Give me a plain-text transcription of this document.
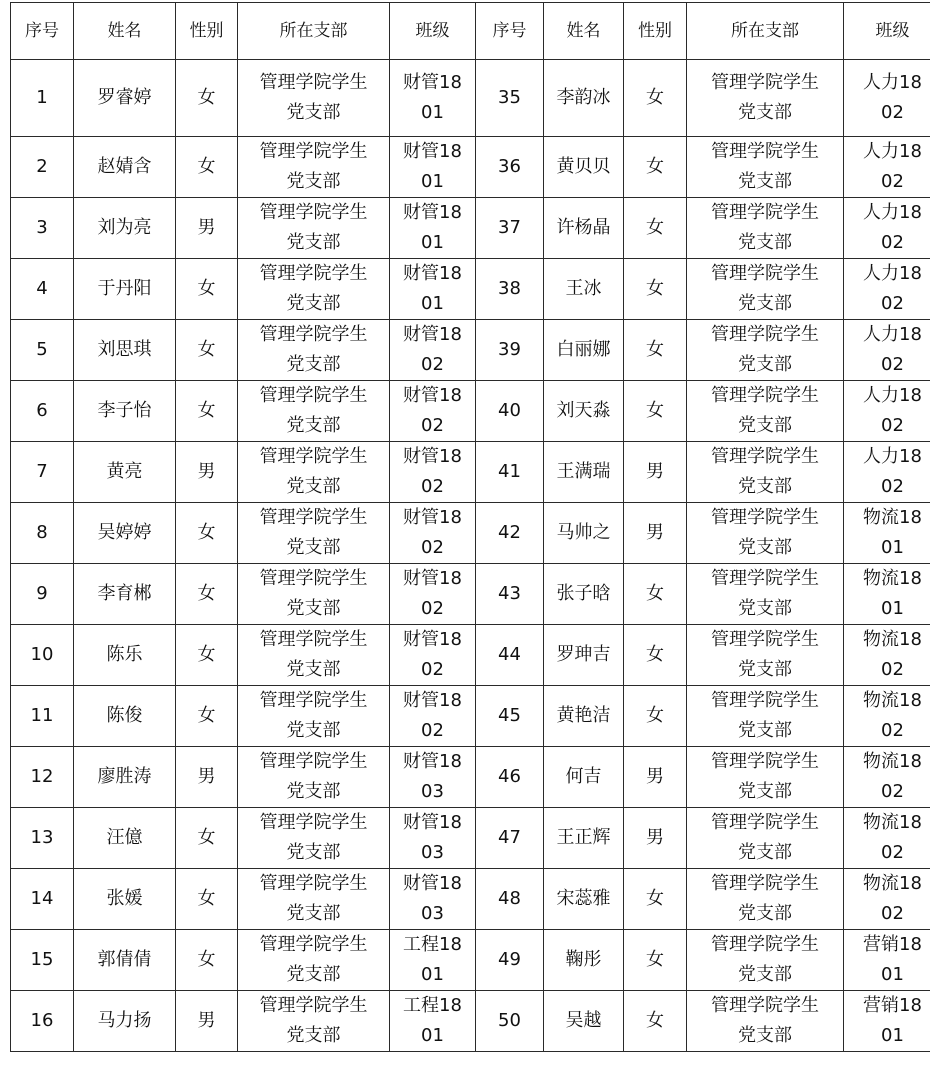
序号	姓名	性别	所在支部	班级	序号	姓名	性别	所在支部	班级
1	罗睿婷	女	管理学院学生党支部	财管1801	35	李韵冰	女	管理学院学生党支部	人力1802
2	赵婧含	女	管理学院学生党支部	财管1801	36	黄贝贝	女	管理学院学生党支部	人力1802
3	刘为亮	男	管理学院学生党支部	财管1801	37	许杨晶	女	管理学院学生党支部	人力1802
4	于丹阳	女	管理学院学生党支部	财管1801	38	王冰	女	管理学院学生党支部	人力1802
5	刘思琪	女	管理学院学生党支部	财管1802	39	白丽娜	女	管理学院学生党支部	人力1802
6	李子怡	女	管理学院学生党支部	财管1802	40	刘天淼	女	管理学院学生党支部	人力1802
7	黄亮	男	管理学院学生党支部	财管1802	41	王满瑞	男	管理学院学生党支部	人力1802
8	吴婷婷	女	管理学院学生党支部	财管1802	42	马帅之	男	管理学院学生党支部	物流1801
9	李育郴	女	管理学院学生党支部	财管1802	43	张子晗	女	管理学院学生党支部	物流1801
10	陈乐	女	管理学院学生党支部	财管1802	44	罗珅吉	女	管理学院学生党支部	物流1802
11	陈俊	女	管理学院学生党支部	财管1802	45	黄艳洁	女	管理学院学生党支部	物流1802
12	廖胜涛	男	管理学院学生党支部	财管1803	46	何吉	男	管理学院学生党支部	物流1802
13	汪億	女	管理学院学生党支部	财管1803	47	王正辉	男	管理学院学生党支部	物流1802
14	张媛	女	管理学院学生党支部	财管1803	48	宋蕊雅	女	管理学院学生党支部	物流1802
15	郭倩倩	女	管理学院学生党支部	工程1801	49	鞠彤	女	管理学院学生党支部	营销1801
16	马力扬	男	管理学院学生党支部	工程1801	50	吴越	女	管理学院学生党支部	营销1801
